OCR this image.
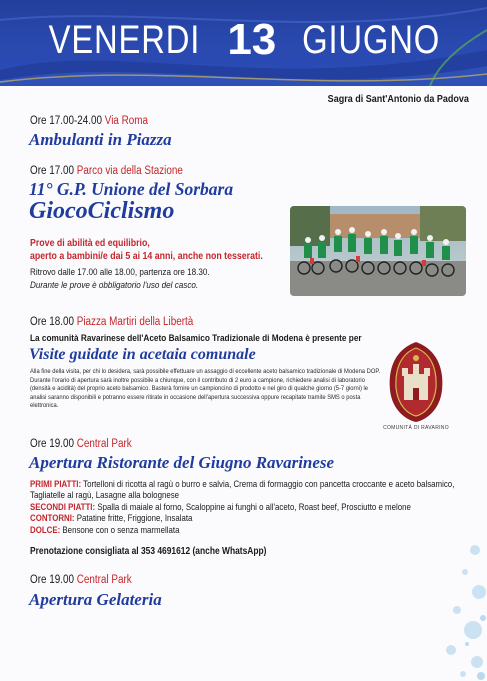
VENERDI 13 GIUGNO
Sagra di Sant'Antonio da Padova
Ore 17.00-24.00 Via Roma
Ambulanti in Piazza
Ore 17.00 Parco via della Stazione
11° G.P. Unione del Sorbara
GiocoCiclismo
Prove di abilità ed equilibrio,
aperto a bambini/e dai 5 ai 14 anni, anche non tesserati.
Ritrovo dalle 17.00 alle 18.00, partenza ore 18.30.
Durante le prove è obbligatorio l'uso del casco.
Ore 18.00 Piazza Martiri della Libertà
La comunità Ravarinese dell'Aceto Balsamico Tradizionale di Modena è presente per
Visite guidate in acetaia comunale
Alla fine della visita, per chi lo desidera, sarà possibile effettuare un assaggio di eccellente aceto balsamico tradizionale di Modena DOP. Durante l'orario di apertura sarà inoltre possibile a chiunque, con il contributo di 2 euro a campione, richiedere analisi di laboratorio (densità e acidità) del proprio aceto balsamico. Basterà fornire un campioncino di prodotto e nel giro di qualche giorno (5-7 giorni) le analisi saranno disponibili e potranno essere ritirate in occasione dell'apertura successiva oppure recapitate tramite SMS o posta elettronica.
COMUNITÀ DI RAVARINO
Ore 19.00 Central Park
Apertura Ristorante del Giugno Ravarinese
PRIMI PIATTI: Tortelloni di ricotta al ragù o burro e salvia, Crema di formaggio con pancetta croccante e aceto balsamico, Tagliatelle al ragù, Lasagne alla bolognese
SECONDI PIATTI: Spalla di maiale al forno, Scaloppine ai funghi o all'aceto, Roast beef, Prosciutto e melone
CONTORNI: Patatine fritte, Friggione, Insalata
DOLCE: Bensone con o senza marmellata
Prenotazione consigliata al 353 4691612 (anche WhatsApp)
Ore 19.00 Central Park
Apertura Gelateria
